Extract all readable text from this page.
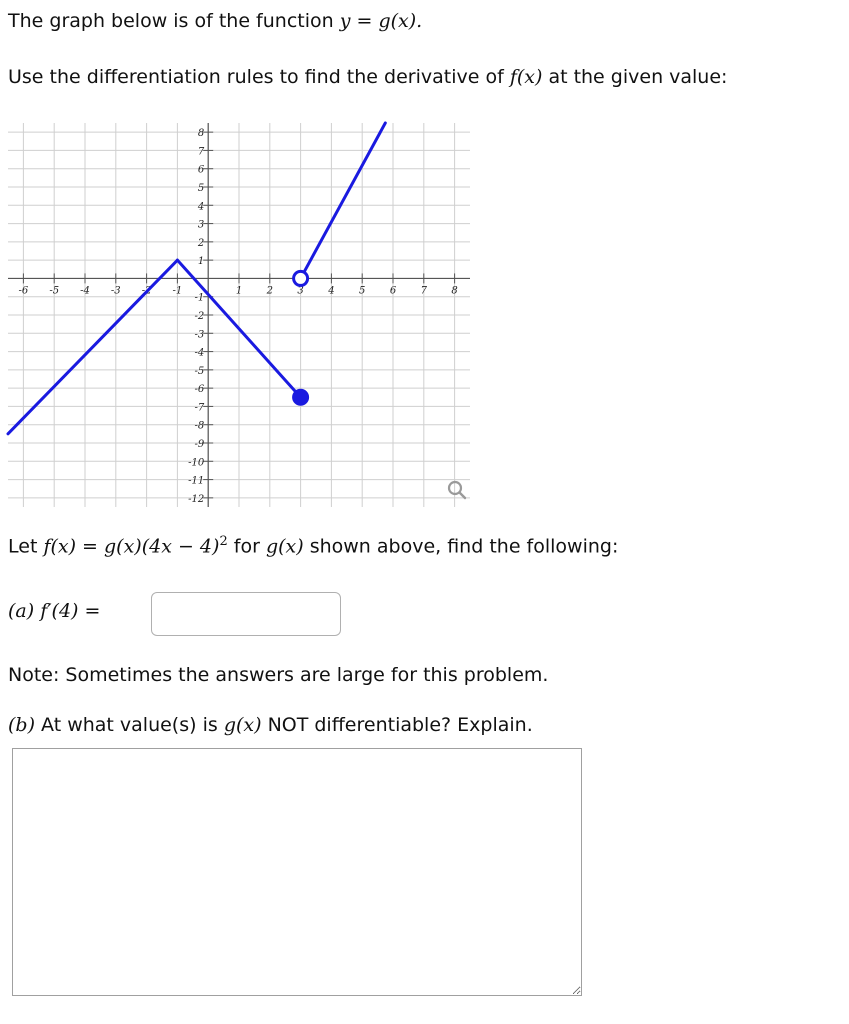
The graph below is of the function y = g(x).
Use the differentiation rules to find the derivative of f(x) at the given value:
-6 -5 -4 -3 -2 -1	1 2 3 4 5 6 7 8
8
7
6
5
4
3
2
1
-1
-2
-3
-4
-5
-6
-7
-8
-9
-10
-11
-12
Let $f(x) = g(x)(4x - 4)^2$ for g(x) shown above, find the following:
(a) f′(4) =
Note: Sometimes the answers are large for this problem.
(b) At what value(s) is g(x) NOT differentiable? Explain.
